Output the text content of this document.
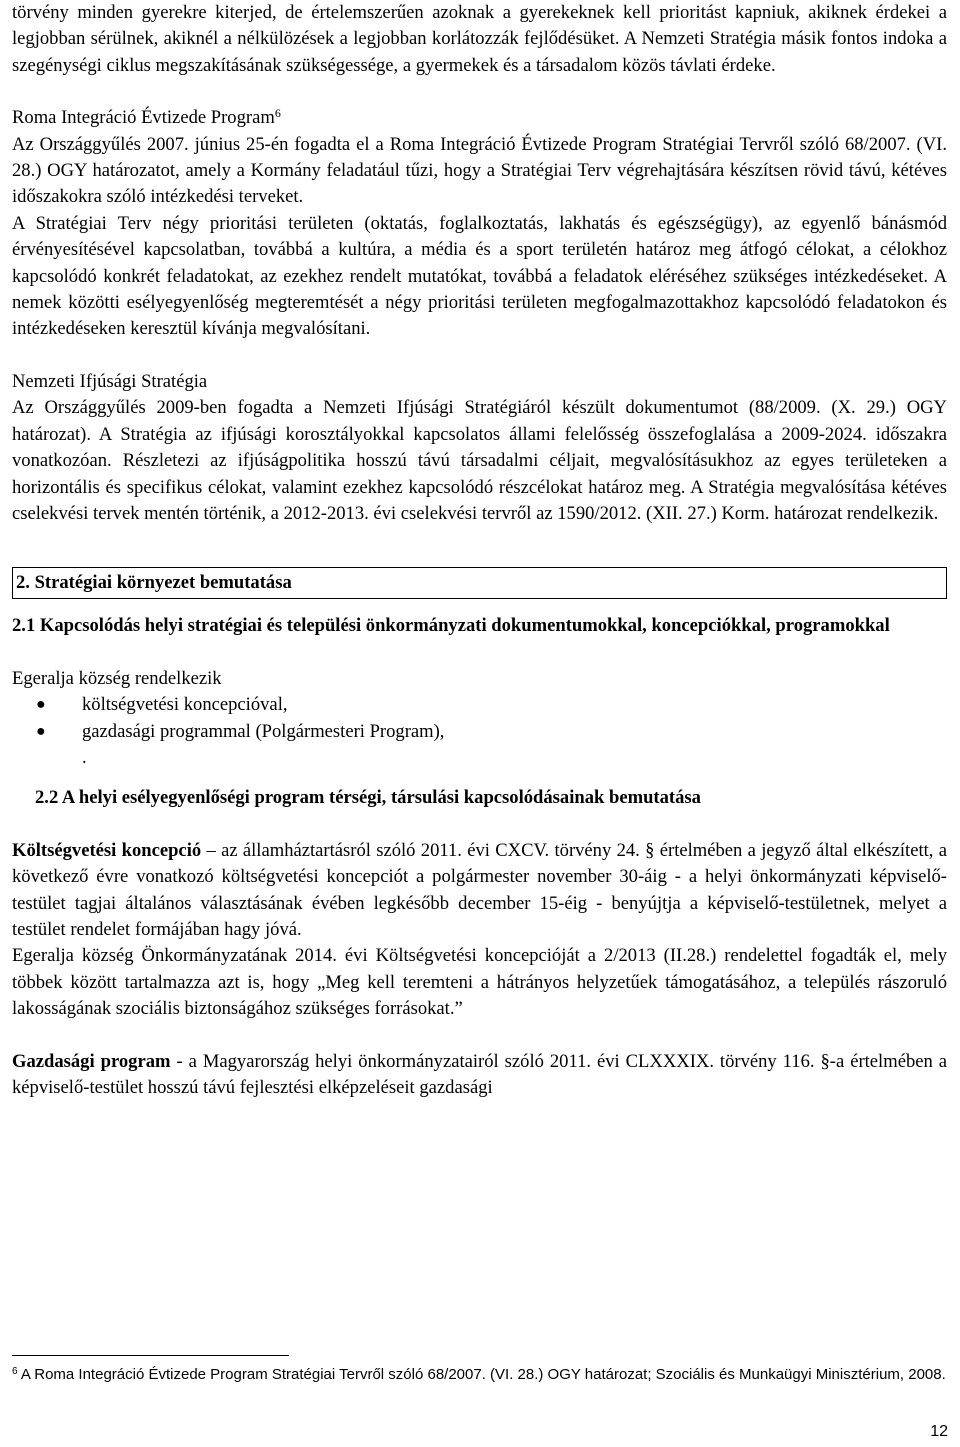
törvény minden gyerekre kiterjed, de értelemszerűen azoknak a gyerekeknek kell prioritást kapniuk, akiknek érdekei a legjobban sérülnek, akiknél a nélkülözések a legjobban korlátozzák fejlődésüket. A Nemzeti Stratégia másik fontos indoka a szegénységi ciklus megszakításának szükségessége, a gyermekek és a társadalom közös távlati érdeke.

Roma Integráció Évtizede Program$^6$

Az Országgyűlés 2007. június 25-én fogadta el a Roma Integráció Évtizede Program Stratégiai Tervről szóló 68/2007. (VI. 28.) OGY határozatot, amely a Kormány feladatául tűzi, hogy a Stratégiai Terv végrehajtására készítsen rövid távú, kétéves időszakokra szóló intézkedési terveket.

A Stratégiai Terv négy prioritási területen (oktatás, foglalkoztatás, lakhatás és egészségügy), az egyenlő bánásmód érvényesítésével kapcsolatban, továbbá a kultúra, a média és a sport területén határoz meg átfogó célokat, a célokhoz kapcsolódó konkrét feladatokat, az ezekhez rendelt mutatókat, továbbá a feladatok eléréséhez szükséges intézkedéseket. A nemek közötti esélyegyenlőség megteremtését a négy prioritási területen megfogalmazottakhoz kapcsolódó feladatokon és intézkedéseken keresztül kívánja megvalósítani.

Nemzeti Ifjúsági Stratégia

Az Országgyűlés 2009-ben fogadta a Nemzeti Ifjúsági Stratégiáról készült dokumentumot (88/2009. (X. 29.) OGY határozat). A Stratégia az ifjúsági korosztályokkal kapcsolatos állami felelősség összefoglalása a 2009-2024. időszakra vonatkozóan. Részletezi az ifjúságpolitika hosszú távú társadalmi céljait, megvalósításukhoz az egyes területeken a horizontális és specifikus célokat, valamint ezekhez kapcsolódó részcélokat határoz meg. A Stratégia megvalósítása kétéves cselekvési tervek mentén történik, a 2012-2013. évi cselekvési tervről az 1590/2012. (XII. 27.) Korm. határozat rendelkezik.

2. Stratégiai környezet bemutatása

2.1 Kapcsolódás helyi stratégiai és települési önkormányzati dokumentumokkal, koncepciókkal, programokkal

Egeralja község rendelkezik

● költségvetési koncepcióval,
● gazdasági programmal (Polgármesteri Program),
.

2.2 A helyi esélyegyenlőségi program térségi, társulási kapcsolódásainak bemutatása

Költségvetési koncepció – az államháztartásról szóló 2011. évi CXCV. törvény 24. § értelmében a jegyző által elkészített, a következő évre vonatkozó költségvetési koncepciót a polgármester november 30-áig - a helyi önkormányzati képviselő-testület tagjai általános választásának évében legkésőbb december 15-éig - benyújtja a képviselő-testületnek, melyet a testület rendelet formájában hagy jóvá.

Egeralja község Önkormányzatának 2014. évi Költségvetési koncepcióját a 2/2013 (II.28.) rendelettel fogadták el, mely többek között tartalmazza azt is, hogy „Meg kell teremteni a hátrányos helyzetűek támogatásához, a település rászoruló lakosságának szociális biztonságához szükséges forrásokat.”

Gazdasági program - a Magyarország helyi önkormányzatairól szóló 2011. évi CLXXXIX. törvény 116. §-a értelmében a képviselő-testület hosszú távú fejlesztési elképzeléseit gazdasági

$^6$ A Roma Integráció Évtizede Program Stratégiai Tervről szóló 68/2007. (VI. 28.) OGY határozat; Szociális és Munkaügyi Minisztérium, 2008.
12
